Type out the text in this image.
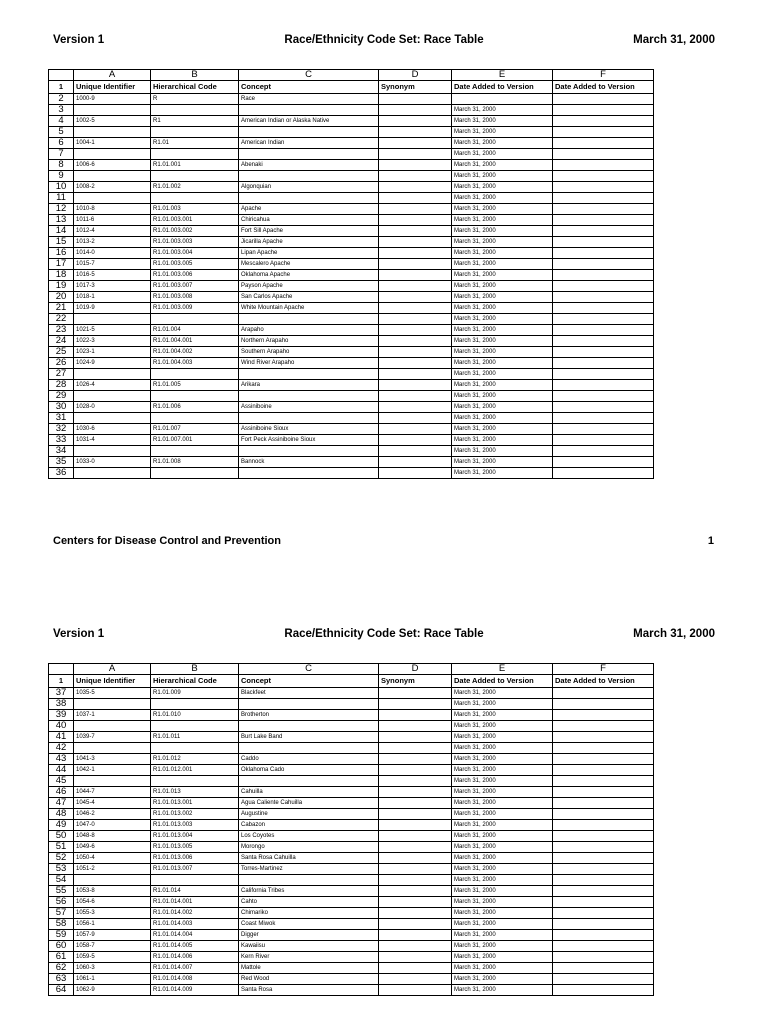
Version 1	Race/Ethnicity Code Set: Race Table	March 31, 2000
	A	B	C	D	E	F
1	Unique Identifier	Hierarchical Code	Concept	Synonym	Date Added to Version	Date Added to Version
2	1000-9	R	Race			
3					March 31, 2000	
4	1002-5	R1	American Indian or Alaska Native		March 31, 2000	
5					March 31, 2000	
6	1004-1	R1.01	American Indian		March 31, 2000	
7					March 31, 2000	
8	1006-6	R1.01.001	Abenaki		March 31, 2000	
9					March 31, 2000	
10	1008-2	R1.01.002	Algonquian		March 31, 2000	
11					March 31, 2000	
12	1010-8	R1.01.003	Apache		March 31, 2000	
13	1011-6	R1.01.003.001	Chiricahua		March 31, 2000	
14	1012-4	R1.01.003.002	Fort Sill Apache		March 31, 2000	
15	1013-2	R1.01.003.003	Jicarilla Apache		March 31, 2000	
16	1014-0	R1.01.003.004	Lipan Apache		March 31, 2000	
17	1015-7	R1.01.003.005	Mescalero Apache		March 31, 2000	
18	1016-5	R1.01.003.006	Oklahoma Apache		March 31, 2000	
19	1017-3	R1.01.003.007	Payson Apache		March 31, 2000	
20	1018-1	R1.01.003.008	San Carlos Apache		March 31, 2000	
21	1019-9	R1.01.003.009	White Mountain Apache		March 31, 2000	
22					March 31, 2000	
23	1021-5	R1.01.004	Arapaho		March 31, 2000	
24	1022-3	R1.01.004.001	Northern Arapaho		March 31, 2000	
25	1023-1	R1.01.004.002	Southern Arapaho		March 31, 2000	
26	1024-9	R1.01.004.003	Wind River Arapaho		March 31, 2000	
27					March 31, 2000	
28	1026-4	R1.01.005	Arikara		March 31, 2000	
29					March 31, 2000	
30	1028-0	R1.01.006	Assiniboine		March 31, 2000	
31					March 31, 2000	
32	1030-6	R1.01.007	Assiniboine Sioux		March 31, 2000	
33	1031-4	R1.01.007.001	Fort Peck Assiniboine Sioux		March 31, 2000	
34					March 31, 2000	
35	1033-0	R1.01.008	Bannock		March 31, 2000	
36					March 31, 2000	
Centers for Disease Control and Prevention	1
Version 1	Race/Ethnicity Code Set: Race Table	March 31, 2000
	A	B	C	D	E	F
1	Unique Identifier	Hierarchical Code	Concept	Synonym	Date Added to Version	Date Added to Version
37	1035-5	R1.01.009	Blackfeet		March 31, 2000	
38					March 31, 2000	
39	1037-1	R1.01.010	Brotherton		March 31, 2000	
40					March 31, 2000	
41	1039-7	R1.01.011	Burt Lake Band		March 31, 2000	
42					March 31, 2000	
43	1041-3	R1.01.012	Caddo		March 31, 2000	
44	1042-1	R1.01.012.001	Oklahoma Cado		March 31, 2000	
45					March 31, 2000	
46	1044-7	R1.01.013	Cahuilla		March 31, 2000	
47	1045-4	R1.01.013.001	Agua Caliente Cahuilla		March 31, 2000	
48	1046-2	R1.01.013.002	Augustine		March 31, 2000	
49	1047-0	R1.01.013.003	Cabazon		March 31, 2000	
50	1048-8	R1.01.013.004	Los Coyotes		March 31, 2000	
51	1049-6	R1.01.013.005	Morongo		March 31, 2000	
52	1050-4	R1.01.013.006	Santa Rosa Cahuilla		March 31, 2000	
53	1051-2	R1.01.013.007	Torres-Martinez		March 31, 2000	
54					March 31, 2000	
55	1053-8	R1.01.014	California Tribes		March 31, 2000	
56	1054-6	R1.01.014.001	Cahto		March 31, 2000	
57	1055-3	R1.01.014.002	Chimariko		March 31, 2000	
58	1056-1	R1.01.014.003	Coast Miwok		March 31, 2000	
59	1057-9	R1.01.014.004	Digger		March 31, 2000	
60	1058-7	R1.01.014.005	Kawaiisu		March 31, 2000	
61	1059-5	R1.01.014.006	Kern River		March 31, 2000	
62	1060-3	R1.01.014.007	Mattole		March 31, 2000	
63	1061-1	R1.01.014.008	Red Wood		March 31, 2000	
64	1062-9	R1.01.014.009	Santa Rosa		March 31, 2000	
